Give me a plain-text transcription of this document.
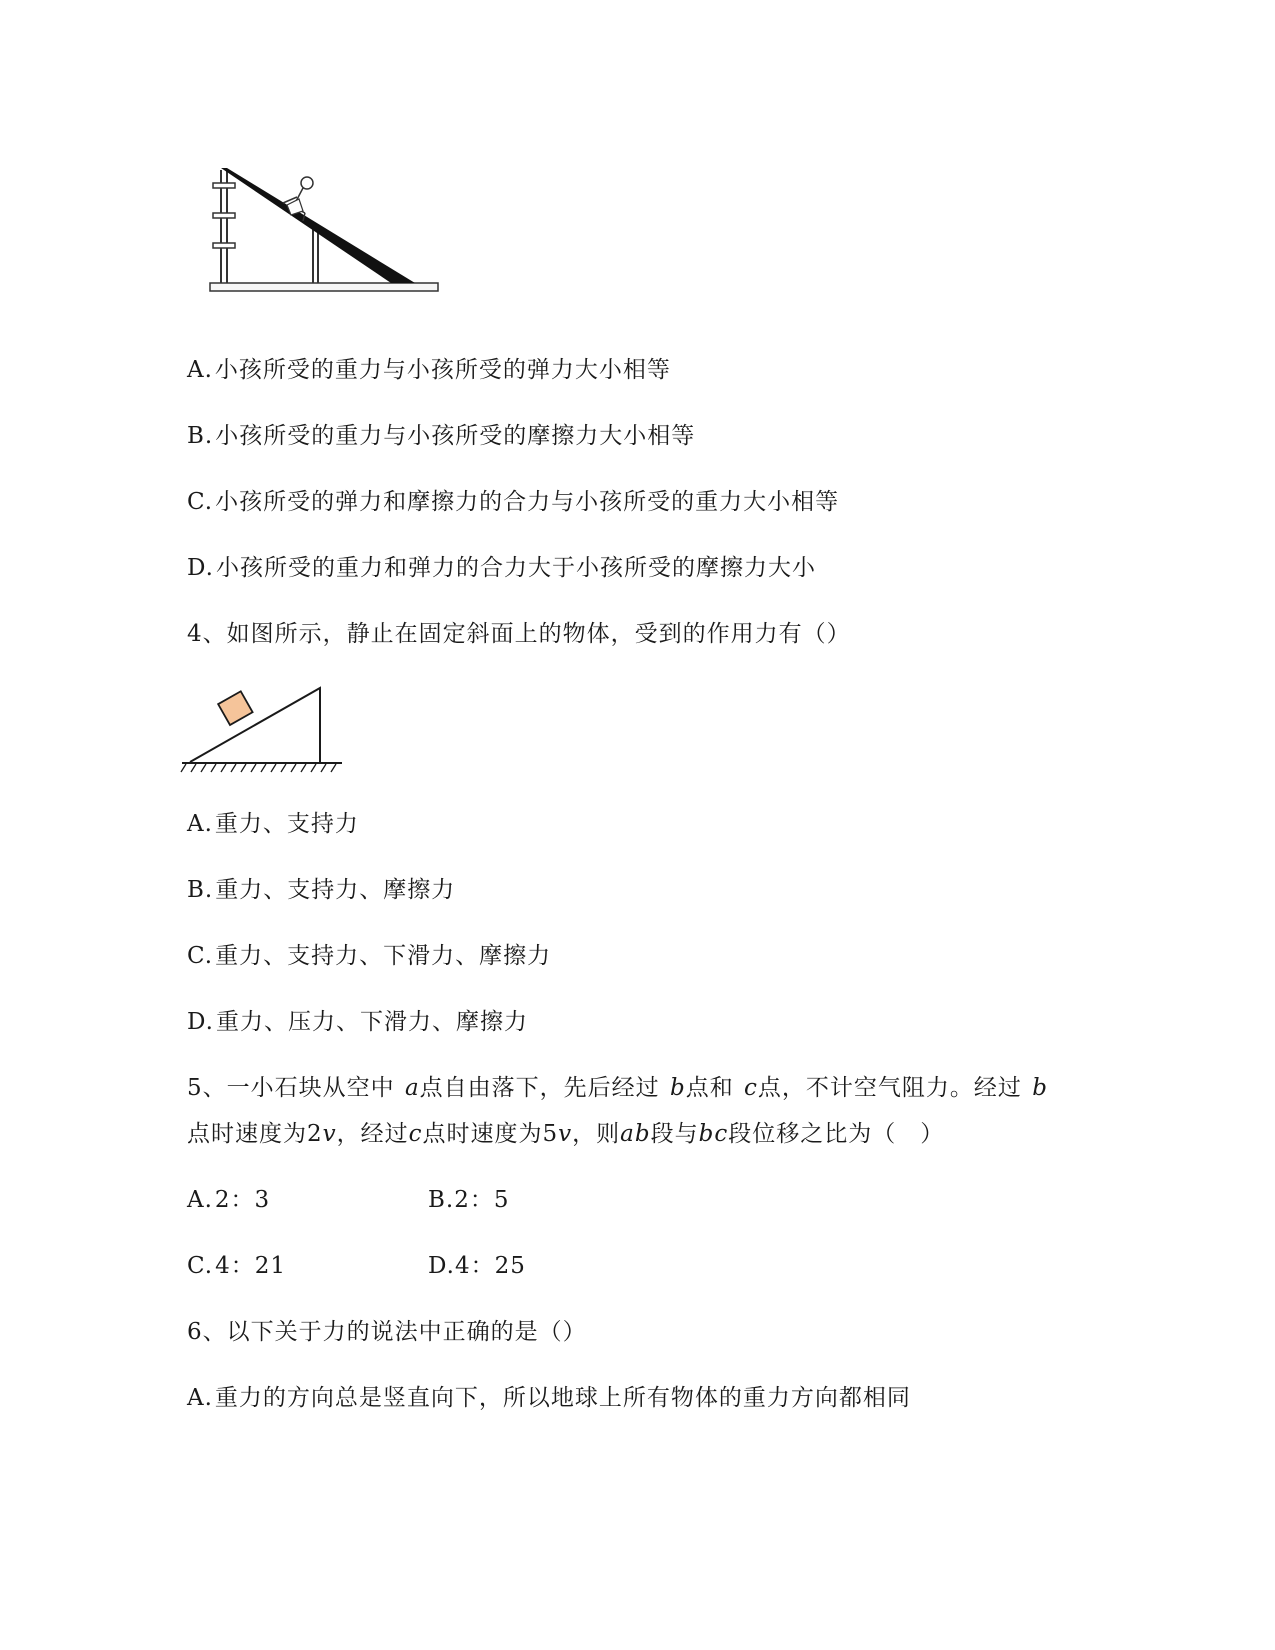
A.小孩所受的重力与小孩所受的弹力大小相等
B.小孩所受的重力与小孩所受的摩擦力大小相等
C.小孩所受的弹力和摩擦力的合力与小孩所受的重力大小相等
D.小孩所受的重力和弹力的合力大于小孩所受的摩擦力大小
4、如图所示，静止在固定斜面上的物体，受到的作用力有（）
A.重力、支持力
B.重力、支持力、摩擦力
C.重力、支持力、下滑力、摩擦力
D.重力、压力、下滑力、摩擦力
5、一小石块从空中 a点自由落下，先后经过 b点和 c点，不计空气阻力。经过 b
点时速度为2v，经过c点时速度为5v，则ab段与bc段位移之比为（　）
A.2：3	B.2：5
C.4：21	D.4：25
6、以下关于力的说法中正确的是（）
A.重力的方向总是竖直向下，所以地球上所有物体的重力方向都相同
